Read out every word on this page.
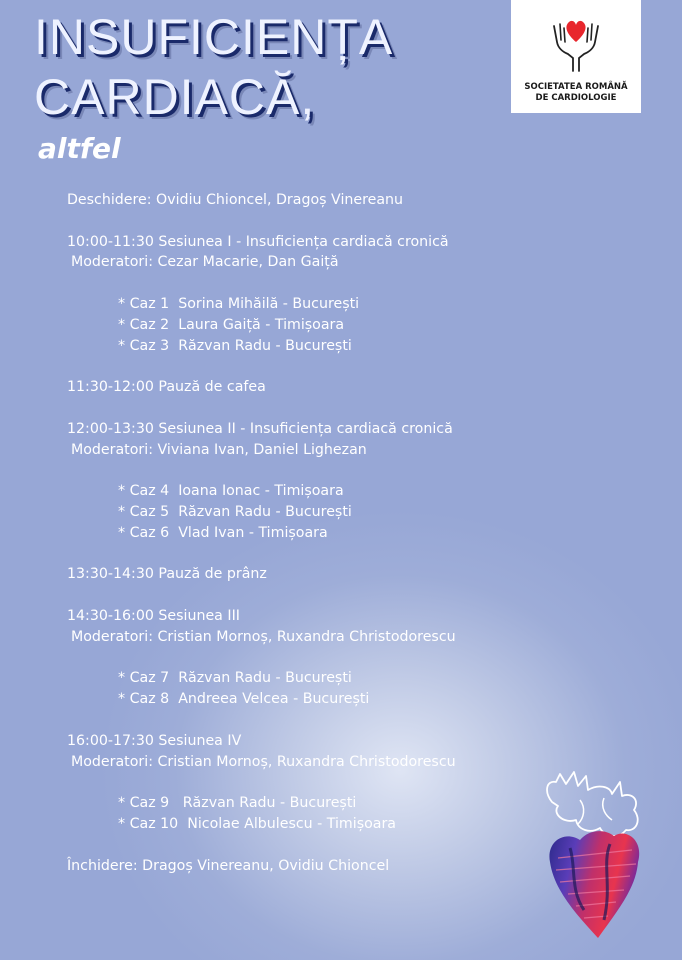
INSUFICIENȚA
CARDIACĂ,
altfel
SOCIETATEA ROMÂNĂ
DE CARDIOLOGIE
Deschidere: Ovidiu Chioncel, Dragoș Vinereanu
10:00-11:30 Sesiunea I - Insuficiența cardiacă cronică
Moderatori: Cezar Macarie, Dan Gaiță
* Caz 1 Sorina Mihăilă - București
* Caz 2 Laura Gaiță - Timișoara
* Caz 3 Răzvan Radu - București
11:30-12:00 Pauză de cafea
12:00-13:30 Sesiunea II - Insuficiența cardiacă cronică
Moderatori: Viviana Ivan, Daniel Lighezan
* Caz 4 Ioana Ionac - Timișoara
* Caz 5 Răzvan Radu - București
* Caz 6 Vlad Ivan - Timișoara
13:30-14:30 Pauză de prânz
14:30-16:00 Sesiunea III
Moderatori: Cristian Mornoș, Ruxandra Christodorescu
* Caz 7 Răzvan Radu - București
* Caz 8 Andreea Velcea - București
16:00-17:30 Sesiunea IV
Moderatori: Cristian Mornoș, Ruxandra Christodorescu
* Caz 9 Răzvan Radu - București
* Caz 10 Nicolae Albulescu - Timișoara
Închidere: Dragoș Vinereanu, Ovidiu Chioncel
